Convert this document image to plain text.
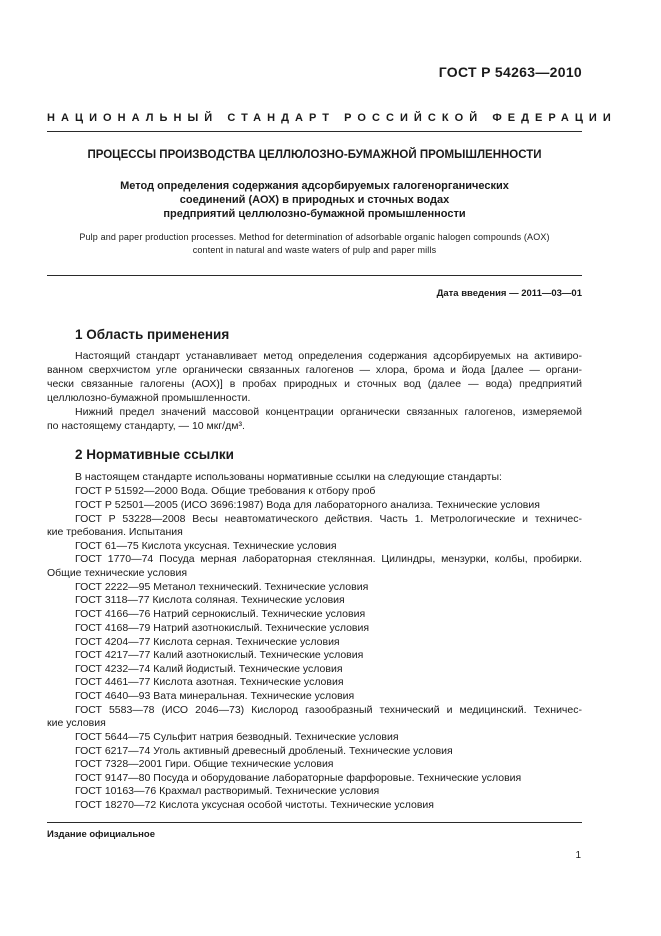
ГОСТ Р 54263—2010
НАЦИОНАЛЬНЫЙ СТАНДАРТ РОССИЙСКОЙ ФЕДЕРАЦИИ
ПРОЦЕССЫ ПРОИЗВОДСТВА ЦЕЛЛЮЛОЗНО-БУМАЖНОЙ ПРОМЫШЛЕННОСТИ
Метод определения содержания адсорбируемых галогенорганических
соединений (АОХ) в природных и сточных водах
предприятий целлюлозно-бумажной промышленности
Pulp and paper production processes. Method for determination of adsorbable organic halogen compounds (AOX)
content in natural and waste waters of pulp and paper mills
Дата введения — 2011—03—01
1 Область применения
Настоящий стандарт устанавливает метод определения содержания адсорбируемых на активиро-
ванном сверхчистом угле органически связанных галогенов — хлора, брома и йода [далее — органи-
чески связанные галогены (АОХ)] в пробах природных и сточных вод (далее — вода) предприятий
целлюлозно-бумажной промышленности.
Нижний предел значений массовой концентрации органически связанных галогенов, измеряемой
по настоящему стандарту, — 10 мкг/дм³.
2 Нормативные ссылки
В настоящем стандарте использованы нормативные ссылки на следующие стандарты:
ГОСТ Р 51592—2000 Вода. Общие требования к отбору проб
ГОСТ Р 52501—2005 (ИСО 3696:1987) Вода для лабораторного анализа. Технические условия
ГОСТ Р 53228—2008 Весы неавтоматического действия. Часть 1. Метрологические и техничес-
кие требования. Испытания
ГОСТ 61—75 Кислота уксусная. Технические условия
ГОСТ 1770—74 Посуда мерная лабораторная стеклянная. Цилиндры, мензурки, колбы, пробирки.
Общие технические условия
ГОСТ 2222—95 Метанол технический. Технические условия
ГОСТ 3118—77 Кислота соляная. Технические условия
ГОСТ 4166—76 Натрий сернокислый. Технические условия
ГОСТ 4168—79 Натрий азотнокислый. Технические условия
ГОСТ 4204—77 Кислота серная. Технические условия
ГОСТ 4217—77 Калий азотнокислый. Технические условия
ГОСТ 4232—74 Калий йодистый. Технические условия
ГОСТ 4461—77 Кислота азотная. Технические условия
ГОСТ 4640—93 Вата минеральная. Технические условия
ГОСТ 5583—78 (ИСО 2046—73) Кислород газообразный технический и медицинский. Техничес-
кие условия
ГОСТ 5644—75 Сульфит натрия безводный. Технические условия
ГОСТ 6217—74 Уголь активный древесный дробленый. Технические условия
ГОСТ 7328—2001 Гири. Общие технические условия
ГОСТ 9147—80 Посуда и оборудование лабораторные фарфоровые. Технические условия
ГОСТ 10163—76 Крахмал растворимый. Технические условия
ГОСТ 18270—72 Кислота уксусная особой чистоты. Технические условия
Издание официальное
1
